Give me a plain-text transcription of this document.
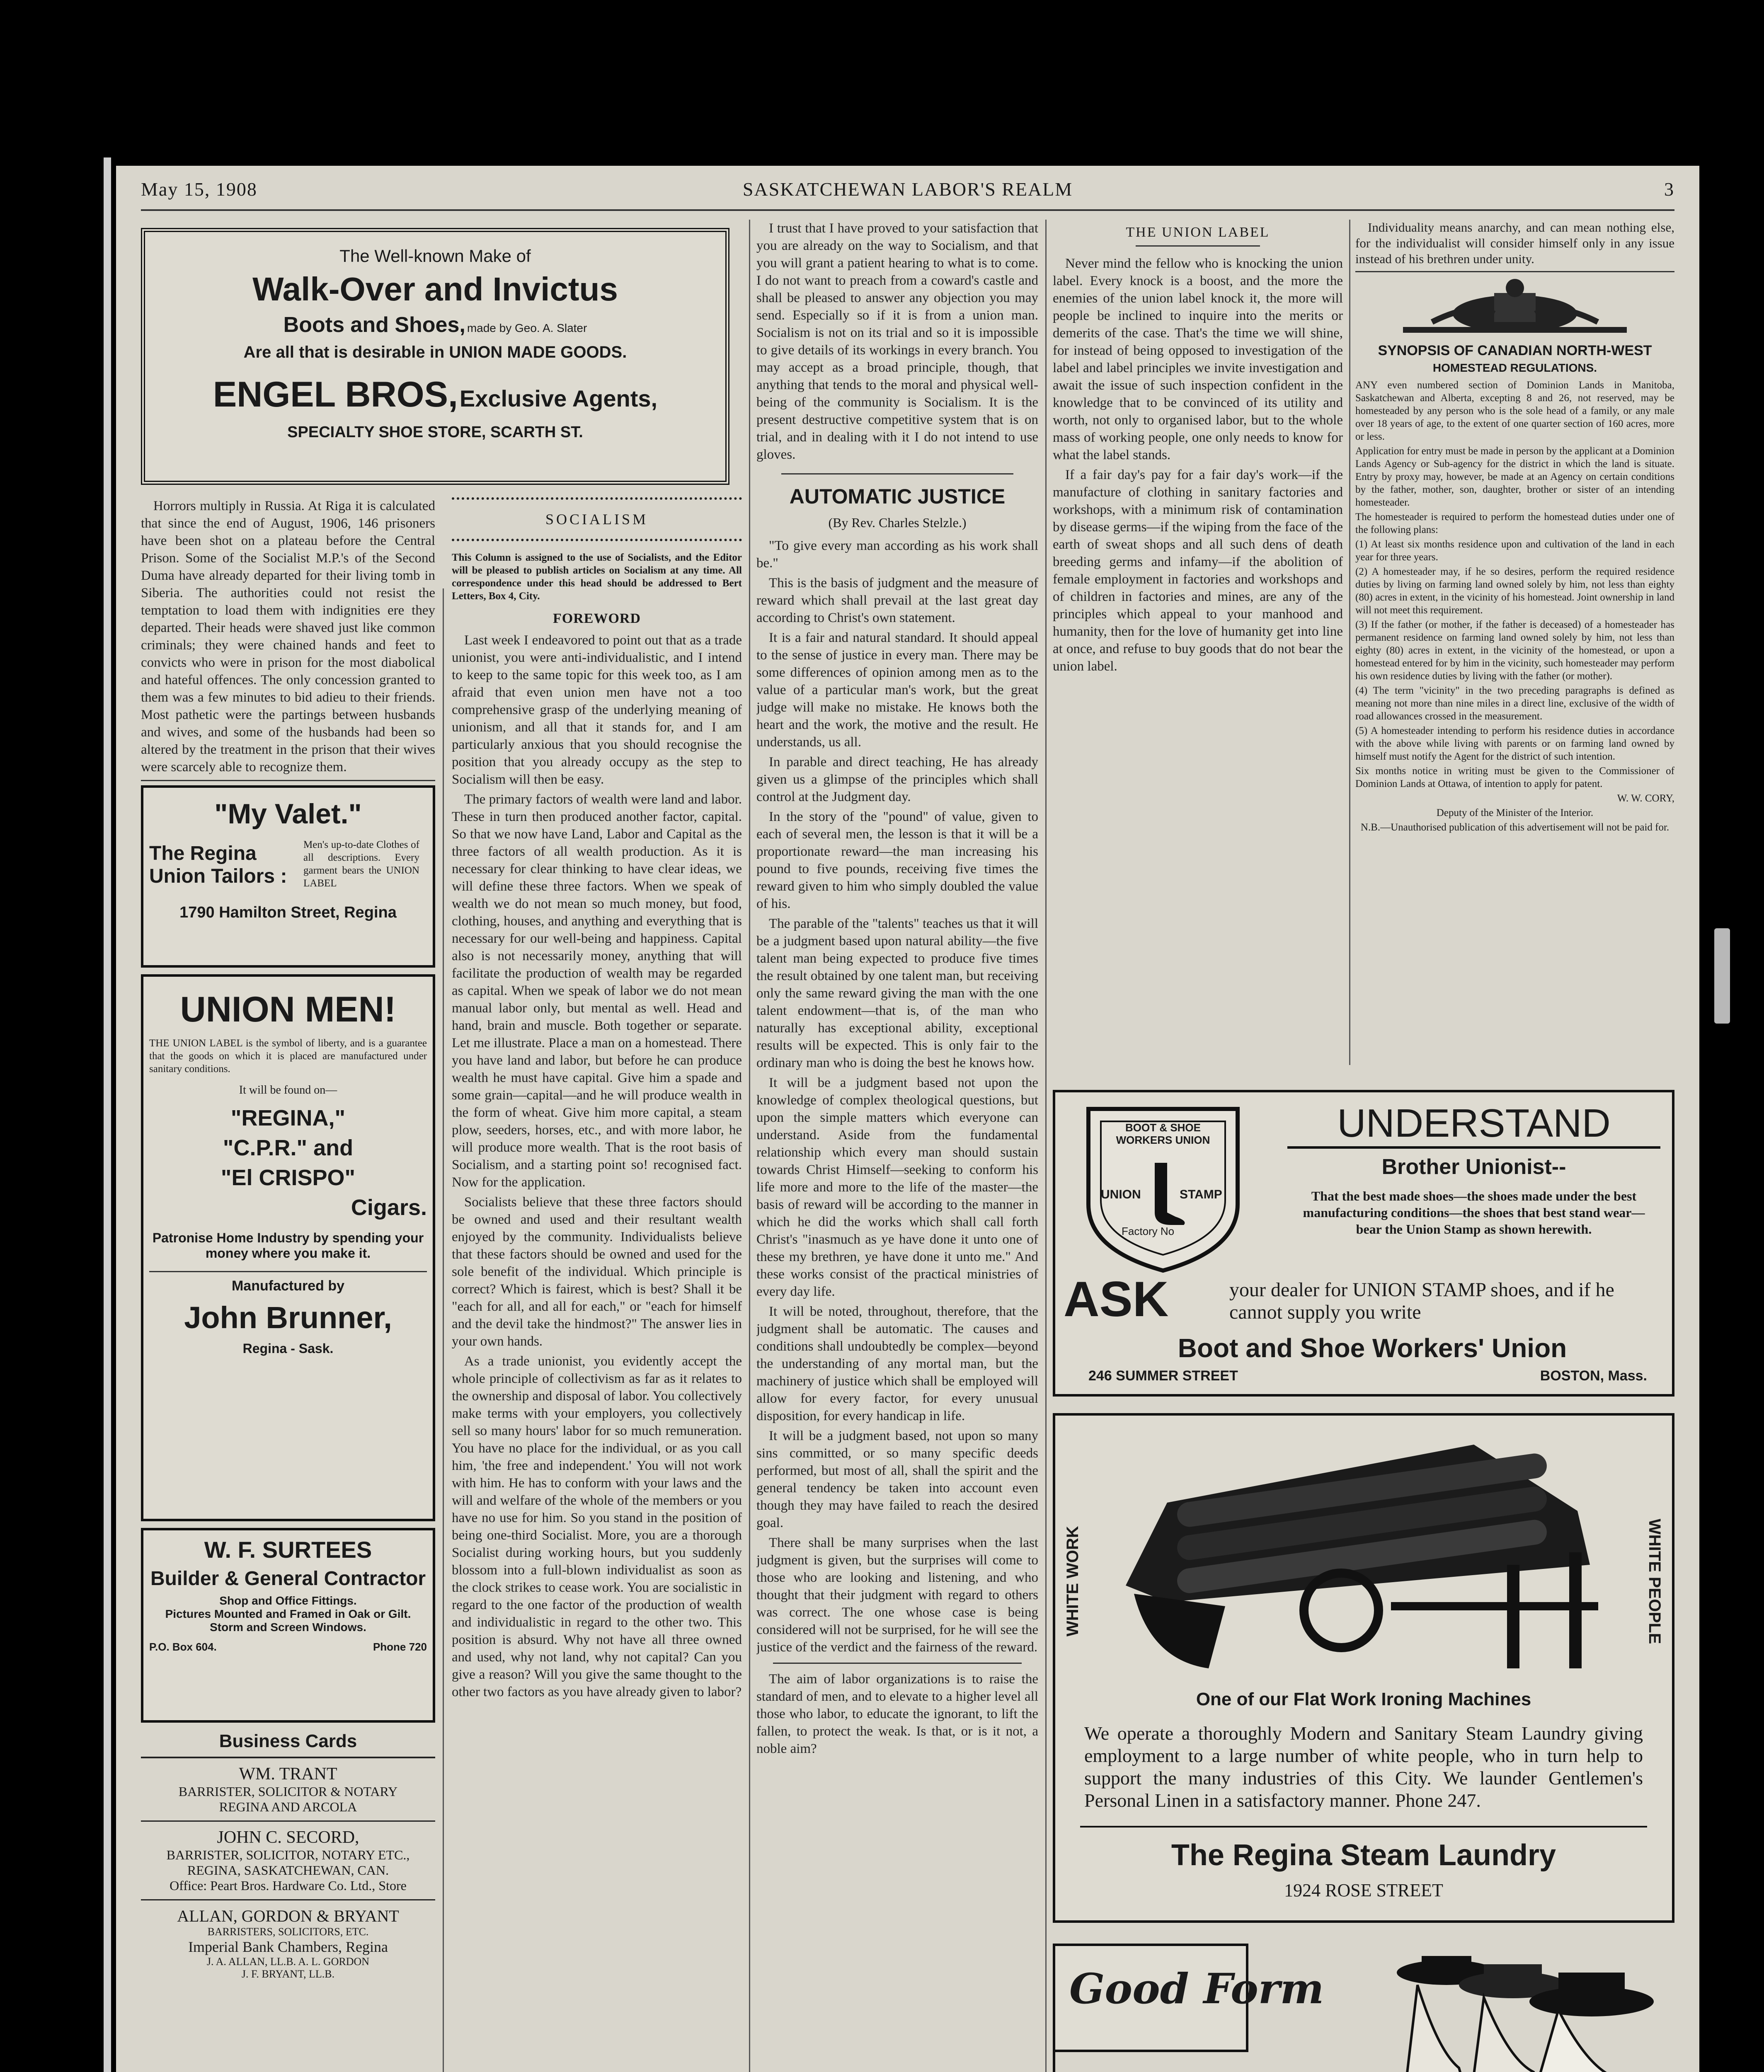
May 15, 1908	SASKATCHEWAN LABOR'S REALM	3
The Well-known Make of
Walk-Over and Invictus
Boots and Shoes, made by Geo. A. Slater
Are all that is desirable in UNION MADE GOODS.
ENGEL BROS, Exclusive Agents,
SPECIALTY SHOE STORE, SCARTH ST.

Horrors multiply in Russia. At Riga it is calculated that since the end of August, 1906, 146 prisoners have been shot on a plateau before the Central Prison. Some of the Socialist M.P.'s of the Second Duma have already departed for their living tomb in Siberia. The authorities could not resist the temptation to load them with indignities ere they departed. Their heads were shaved just like common criminals; they were chained hands and feet to convicts who were in prison for the most diabolical and hateful offences. The only concession granted to them was a few minutes to bid adieu to their friends. Most pathetic were the partings between husbands and wives, and some of the husbands had been so altered by the treatment in the prison that their wives were scarcely able to recognize them.

"My Valet."
The Regina Union Tailors :
Men's up-to-date Clothes of all descriptions. Every garment bears the UNION LABEL
1790 Hamilton Street, Regina
UNION MEN!

THE UNION LABEL is the symbol of liberty, and is a guarantee that the goods on which it is placed are manufactured under sanitary conditions.

It will be found on—
"REGINA,"
"C.P.R." and
"El CRISPO"
Cigars.
Patronise Home Industry by spending your money where you make it.
Manufactured by
John Brunner,
Regina - Sask.
W. F. SURTEES
Builder & General Contractor
Shop and Office Fittings.
Pictures Mounted and Framed in Oak or Gilt.
Storm and Screen Windows.
P.O. Box 604.	Phone 720
Business Cards
WM. TRANT
BARRISTER, SOLICITOR & NOTARY
REGINA AND ARCOLA
JOHN C. SECORD,
BARRISTER, SOLICITOR, NOTARY ETC.,
REGINA, SASKATCHEWAN, CAN.
Office: Peart Bros. Hardware Co. Ltd., Store
ALLAN, GORDON & BRYANT
BARRISTERS, SOLICITORS, ETC.
Imperial Bank Chambers, Regina
J. A. ALLAN, LL.B. A. L. GORDON
J. F. BRYANT, LL.B.
SOCIALISM

This Column is assigned to the use of Socialists, and the Editor will be pleased to publish articles on Socialism at any time. All correspondence under this head should be addressed to Bert Letters, Box 4, City.

FOREWORD

Last week I endeavored to point out that as a trade unionist, you were anti-individualistic, and I intend to keep to the same topic for this week too, as I am afraid that even union men have not a too comprehensive grasp of the underlying meaning of unionism, and all that it stands for, and I am particularly anxious that you should recognise the position that you already occupy as the step to Socialism will then be easy.

The primary factors of wealth were land and labor. These in turn then produced another factor, capital. So that we now have Land, Labor and Capital as the three factors of all wealth production. As it is necessary for clear thinking to have clear ideas, we will define these three factors. When we speak of wealth we do not mean so much money, but food, clothing, houses, and anything and everything that is necessary for our well-being and happiness. Capital also is not necessarily money, anything that will facilitate the production of wealth may be regarded as capital. When we speak of labor we do not mean manual labor only, but mental as well. Head and hand, brain and muscle. Both together or separate. Let me illustrate. Place a man on a homestead. There you have land and labor, but before he can produce wealth he must have capital. Give him a spade and some grain—capital—and he will produce wealth in the form of wheat. Give him more capital, a steam plow, seeders, horses, etc., and with more labor, he will produce more wealth. That is the root basis of Socialism, and a starting point so! recognised fact. Now for the application.

Socialists believe that these three factors should be owned and used and their resultant wealth enjoyed by the community. Individualists believe that these factors should be owned and used for the sole benefit of the individual. Which principle is correct? Which is fairest, which is best? Shall it be "each for all, and all for each," or "each for himself and the devil take the hindmost?" The answer lies in your own hands.

As a trade unionist, you evidently accept the whole principle of collectivism as far as it relates to the ownership and disposal of labor. You collectively make terms with your employers, you collectively sell so many hours' labor for so much remuneration. You have no place for the individual, or as you call him, 'the free and independent.' You will not work with him. He has to conform with your laws and the will and welfare of the whole of the members or you have no use for him. So you stand in the position of being one-third Socialist. More, you are a thorough Socialist during working hours, but you suddenly blossom into a full-blown individualist as soon as the clock strikes to cease work. You are socialistic in regard to the one factor of the production of wealth and individualistic in regard to the other two. This position is absurd. Why not have all three owned and used, why not land, why not capital? Can you give a reason? Will you give the same thought to the other two factors as you have already given to labor?

I trust that I have proved to your satisfaction that you are already on the way to Socialism, and that you will grant a patient hearing to what is to come. I do not want to preach from a coward's castle and shall be pleased to answer any objection you may send. Especially so if it is from a union man. Socialism is not on its trial and so it is impossible to give details of its workings in every branch. You may accept as a broad principle, though, that anything that tends to the moral and physical well-being of the community is Socialism. It is the present destructive competitive system that is on trial, and in dealing with it I do not intend to use gloves.

AUTOMATIC JUSTICE
(By Rev. Charles Stelzle.)

"To give every man according as his work shall be."

This is the basis of judgment and the measure of reward which shall prevail at the last great day according to Christ's own statement.

It is a fair and natural standard. It should appeal to the sense of justice in every man. There may be some differences of opinion among men as to the value of a particular man's work, but the great judge will make no mistake. He knows both the heart and the work, the motive and the result. He understands, us all.

In parable and direct teaching, He has already given us a glimpse of the principles which shall control at the Judgment day.

In the story of the "pound" of value, given to each of several men, the lesson is that it will be a proportionate reward—the man increasing his pound to five pounds, receiving five times the reward given to him who simply doubled the value of his.

The parable of the "talents" teaches us that it will be a judgment based upon natural ability—the five talent man being expected to produce five times the result obtained by one talent man, but receiving only the same reward giving the man with the one talent endowment—that is, of the man who naturally has exceptional ability, exceptional results will be expected. This is only fair to the ordinary man who is doing the best he knows how.

It will be a judgment based not upon the knowledge of complex theological questions, but upon the simple matters which everyone can understand. Aside from the fundamental relationship which every man should sustain towards Christ Himself—seeking to conform his life more and more to the life of the master—the basis of reward will be according to the manner in which he did the works which shall call forth Christ's "inasmuch as ye have done it unto one of these my brethren, ye have done it unto me." And these works consist of the practical ministries of every day life.

It will be noted, throughout, therefore, that the judgment shall be automatic. The causes and conditions shall undoubtedly be complex—beyond the understanding of any mortal man, but the machinery of justice which shall be employed will allow for every factor, for every unusual disposition, for every handicap in life.

It will be a judgment based, not upon so many sins committed, or so many specific deeds performed, but most of all, shall the spirit and the general tendency be taken into account even though they may have failed to reach the desired goal.

There shall be many surprises when the last judgment is given, but the surprises will come to those who are looking and listening, and who thought that their judgment with regard to others was correct. The one whose case is being considered will not be surprised, for he will see the justice of the verdict and the fairness of the reward.

The aim of labor organizations is to raise the standard of men, and to elevate to a higher level all those who labor, to educate the ignorant, to lift the fallen, to protect the weak. Is that, or is it not, a noble aim?

THE UNION LABEL

Never mind the fellow who is knocking the union label. Every knock is a boost, and the more the enemies of the union label knock it, the more will people be inclined to inquire into the merits or demerits of the case. That's the time we will shine, for instead of being opposed to investigation of the label and label principles we invite investigation and await the issue of such inspection confident in the knowledge that to be convinced of its utility and worth, not only to organised labor, but to the whole mass of working people, one only needs to know for what the label stands.

If a fair day's pay for a fair day's work—if the manufacture of clothing in sanitary factories and workshops, with a minimum risk of contamination by disease germs—if the wiping from the face of the earth of sweat shops and all such dens of death breeding germs and infamy—if the abolition of female employment in factories and workshops and of children in factories and mines, are any of the principles which appeal to your manhood and humanity, then for the love of humanity get into line at once, and refuse to buy goods that do not bear the union label.

Individuality means anarchy, and can mean nothing else, for the individualist will consider himself only in any issue instead of his brethren under unity.

SYNOPSIS OF CANADIAN NORTH-WEST
HOMESTEAD REGULATIONS.

ANY even numbered section of Dominion Lands in Manitoba, Saskatchewan and Alberta, excepting 8 and 26, not reserved, may be homesteaded by any person who is the sole head of a family, or any male over 18 years of age, to the extent of one quarter section of 160 acres, more or less.

Application for entry must be made in person by the applicant at a Dominion Lands Agency or Sub-agency for the district in which the land is situate. Entry by proxy may, however, be made at an Agency on certain conditions by the father, mother, son, daughter, brother or sister of an intending homesteader.

The homesteader is required to perform the homestead duties under one of the following plans:

(1) At least six months residence upon and cultivation of the land in each year for three years.

(2) A homesteader may, if he so desires, perform the required residence duties by living on farming land owned solely by him, not less than eighty (80) acres in extent, in the vicinity of his homestead. Joint ownership in land will not meet this requirement.

(3) If the father (or mother, if the father is deceased) of a homesteader has permanent residence on farming land owned solely by him, not less than eighty (80) acres in extent, in the vicinity of the homestead, or upon a homestead entered for by him in the vicinity, such homesteader may perform his own residence duties by living with the father (or mother).

(4) The term "vicinity" in the two preceding paragraphs is defined as meaning not more than nine miles in a direct line, exclusive of the width of road allowances crossed in the measurement.

(5) A homesteader intending to perform his residence duties in accordance with the above while living with parents or on farming land owned by himself must notify the Agent for the district of such intention.

Six months notice in writing must be given to the Commissioner of Dominion Lands at Ottawa, of intention to apply for patent.

W. W. CORY,
Deputy of the Minister of the Interior.
N.B.—Unauthorised publication of this advertisement will not be paid for.
BOOT & SHOE WORKERS UNION
UNION	STAMP
Factory No
UNDERSTAND
Brother Unionist--
That the best made shoes—the shoes made under the best manufacturing conditions—the shoes that best stand wear—bear the Union Stamp as shown herewith.
ASK	your dealer for UNION STAMP shoes, and if he cannot supply you write
Boot and Shoe Workers' Union
246 SUMMER STREET	BOSTON, Mass.
WHITE WORK	WHITE PEOPLE
One of our Flat Work Ironing Machines
We operate a thoroughly Modern and Sanitary Steam Laundry giving employment to a large number of white people, who in turn help to support the many industries of this City. We launder Gentlemen's Personal Linen in a satisfactory manner. Phone 247.
The Regina Steam Laundry
1924 ROSE STREET
Good Form
